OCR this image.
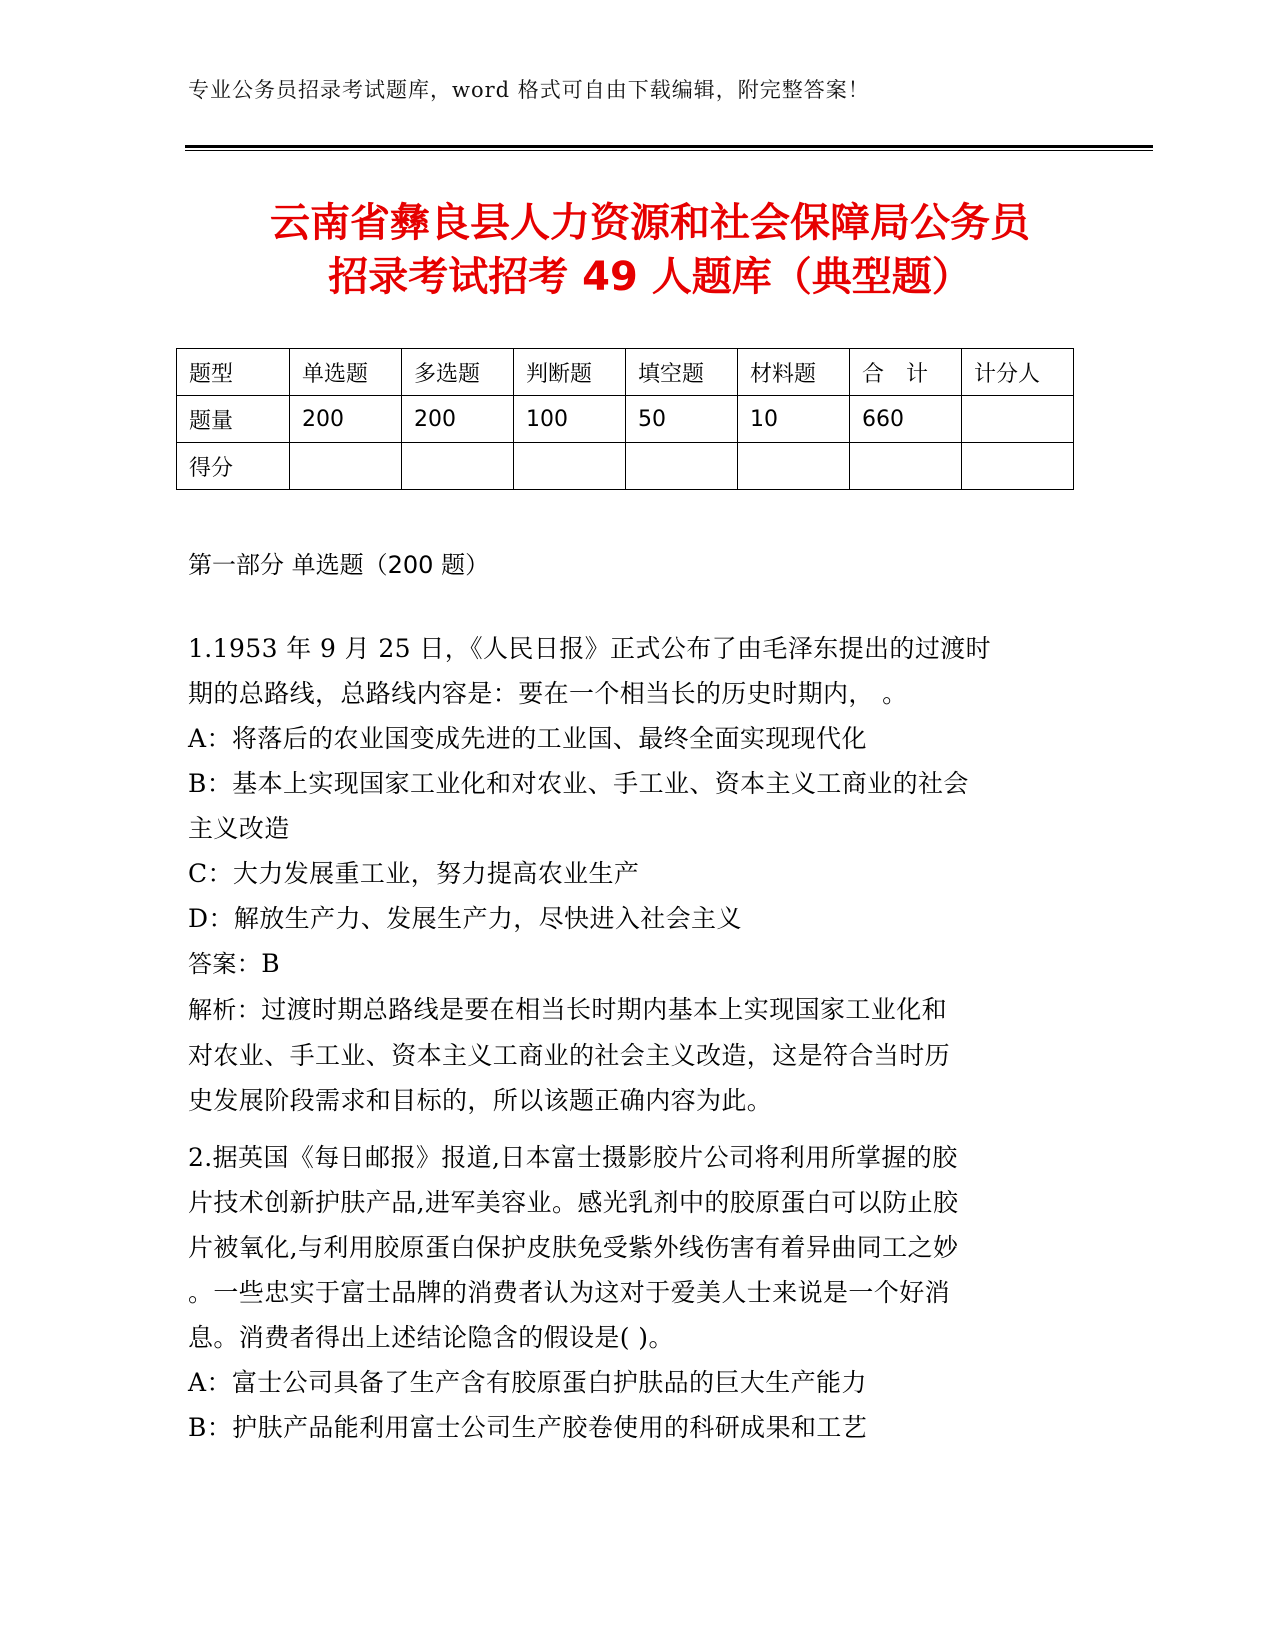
专业公务员招录考试题库，word 格式可自由下载编辑，附完整答案！
云南省彝良县人力资源和社会保障局公务员
招录考试招考 49 人题库（典型题）
题型	单选题	多选题	判断题	填空题	材料题	合　计	计分人
题量	200	200	100	50	10	660	
得分							
第一部分 单选题（200 题）

1.1953 年 9 月 25 日，《人民日报》正式公布了由毛泽东提出的过渡时

期的总路线，总路线内容是：要在一个相当长的历史时期内， 。

A：将落后的农业国变成先进的工业国、最终全面实现现代化

B：基本上实现国家工业化和对农业、手工业、资本主义工商业的社会

主义改造

C：大力发展重工业，努力提高农业生产

D：解放生产力、发展生产力，尽快进入社会主义

答案：B

解析：过渡时期总路线是要在相当长时期内基本上实现国家工业化和

对农业、手工业、资本主义工商业的社会主义改造，这是符合当时历

史发展阶段需求和目标的，所以该题正确内容为此。

2.据英国《每日邮报》报道,日本富士摄影胶片公司将利用所掌握的胶

片技术创新护肤产品,进军美容业。感光乳剂中的胶原蛋白可以防止胶

片被氧化,与利用胶原蛋白保护皮肤免受紫外线伤害有着异曲同工之妙

。一些忠实于富士品牌的消费者认为这对于爱美人士来说是一个好消

息。消费者得出上述结论隐含的假设是( )。

A：富士公司具备了生产含有胶原蛋白护肤品的巨大生产能力

B：护肤产品能利用富士公司生产胶卷使用的科研成果和工艺
